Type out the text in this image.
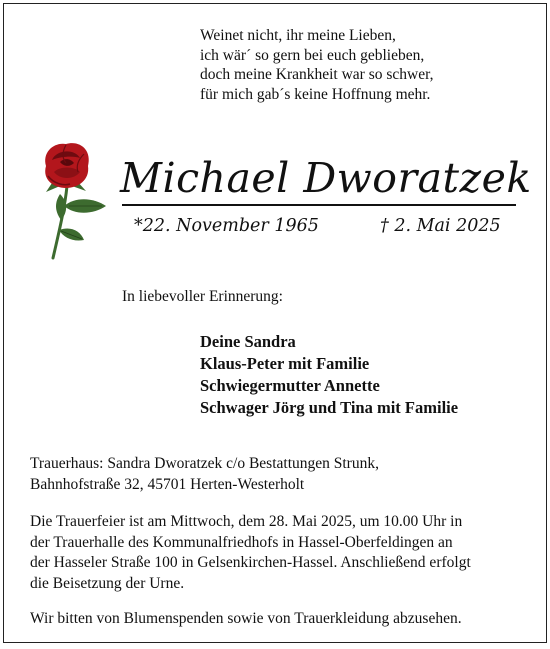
Weinet nicht, ihr meine Lieben,
ich wär´ so gern bei euch geblieben,
doch meine Krankheit war so schwer,
für mich gab´s keine Hoffnung mehr.
Michael Dworatzek
*22. November 1965	† 2. Mai 2025
In liebevoller Erinnerung:
Deine Sandra
Klaus-Peter mit Familie
Schwiegermutter Annette
Schwager Jörg und Tina mit Familie
Trauerhaus: Sandra Dworatzek c/o Bestattungen Strunk,
Bahnhofstraße 32, 45701 Herten-Westerholt
Die Trauerfeier ist am Mittwoch, dem 28. Mai 2025, um 10.00 Uhr in
der Trauerhalle des Kommunalfriedhofs in Hassel-Oberfeldingen an
der Hasseler Straße 100 in Gelsenkirchen-Hassel. Anschließend erfolgt
die Beisetzung der Urne.
Wir bitten von Blumenspenden sowie von Trauerkleidung abzusehen.
